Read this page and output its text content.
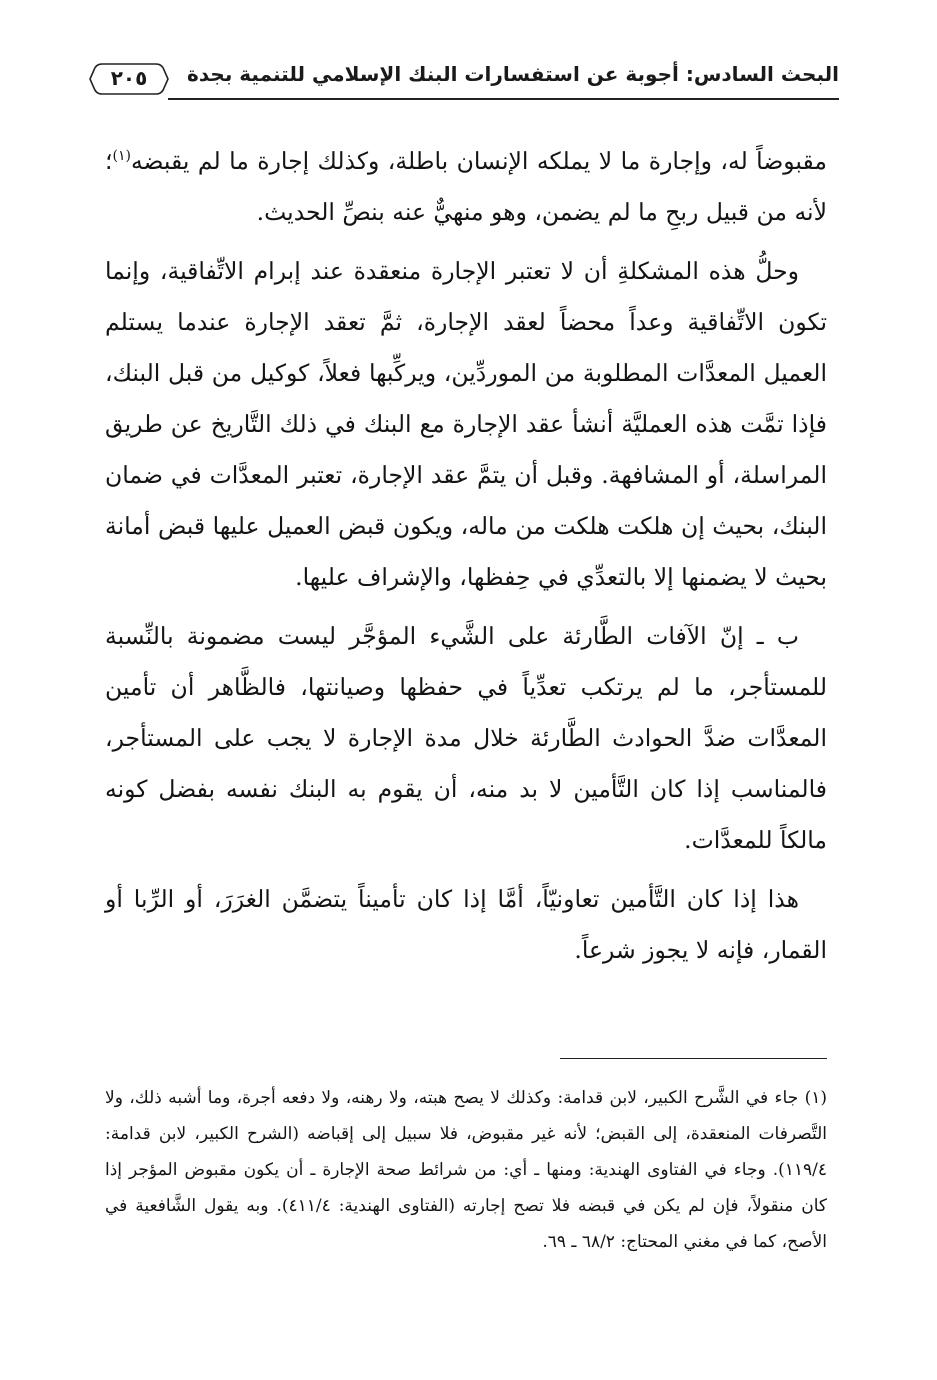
البحث السادس: أجوبة عن استفسارات البنك الإسلامي للتنمية بجدة
٢٠٥

مقبوضاً له، وإجارة ما لا يملكه الإنسان باطلة، وكذلك إجارة ما لم يقبضه$^{(١)}$؛ لأنه من قبيل ربحِ ما لم يضمن، وهو منهيٌّ عنه بنصِّ الحديث.

وحلُّ هذه المشكلةِ أن لا تعتبر الإجارة منعقدة عند إبرام الاتِّفاقية، وإنما تكون الاتِّفاقية وعداً محضاً لعقد الإجارة، ثمَّ تعقد الإجارة عندما يستلم العميل المعدَّات المطلوبة من الموردِّين، ويركِّبها فعلاً، كوكيل من قبل البنك، فإذا تمَّت هذه العمليَّة أنشأ عقد الإجارة مع البنك في ذلك التَّاريخ عن طريق المراسلة، أو المشافهة. وقبل أن يتمَّ عقد الإجارة، تعتبر المعدَّات في ضمان البنك، بحيث إن هلكت هلكت من ماله، ويكون قبض العميل عليها قبض أمانة بحيث لا يضمنها إلا بالتعدِّي في حِفظها، والإشراف عليها.

ب ـ إنّ الآفات الطَّارئة على الشَّيء المؤجَّر ليست مضمونة بالنِّسبة للمستأجر، ما لم يرتكب تعدِّياً في حفظها وصيانتها، فالظَّاهر أن تأمين المعدَّات ضدَّ الحوادث الطَّارئة خلال مدة الإجارة لا يجب على المستأجر، فالمناسب إذا كان التَّأمين لا بد منه، أن يقوم به البنك نفسه بفضل كونه مالكاً للمعدَّات.

هذا إذا كان التَّأمين تعاونيّاً، أمَّا إذا كان تأميناً يتضمَّن الغرَرَ، أو الرِّبا أو القمار، فإنه لا يجوز شرعاً.

(١) جاء في الشَّرح الكبير، لابن قدامة: وكذلك لا يصح هبته، ولا رهنه، ولا دفعه أجرة، وما أشبه ذلك، ولا التَّصرفات المنعقدة، إلى القبض؛ لأنه غير مقبوض، فلا سبيل إلى إقباضه (الشرح الكبير، لابن قدامة: ١١٩/٤). وجاء في الفتاوى الهندية: ومنها ـ أي: من شرائط صحة الإجارة ـ أن يكون مقبوض المؤجر إذا كان منقولاً، فإن لم يكن في قبضه فلا تصح إجارته (الفتاوى الهندية: ٤١١/٤). وبه يقول الشَّافعية في الأصح، كما في مغني المحتاج: ٦٨/٢ ـ ٦٩.
